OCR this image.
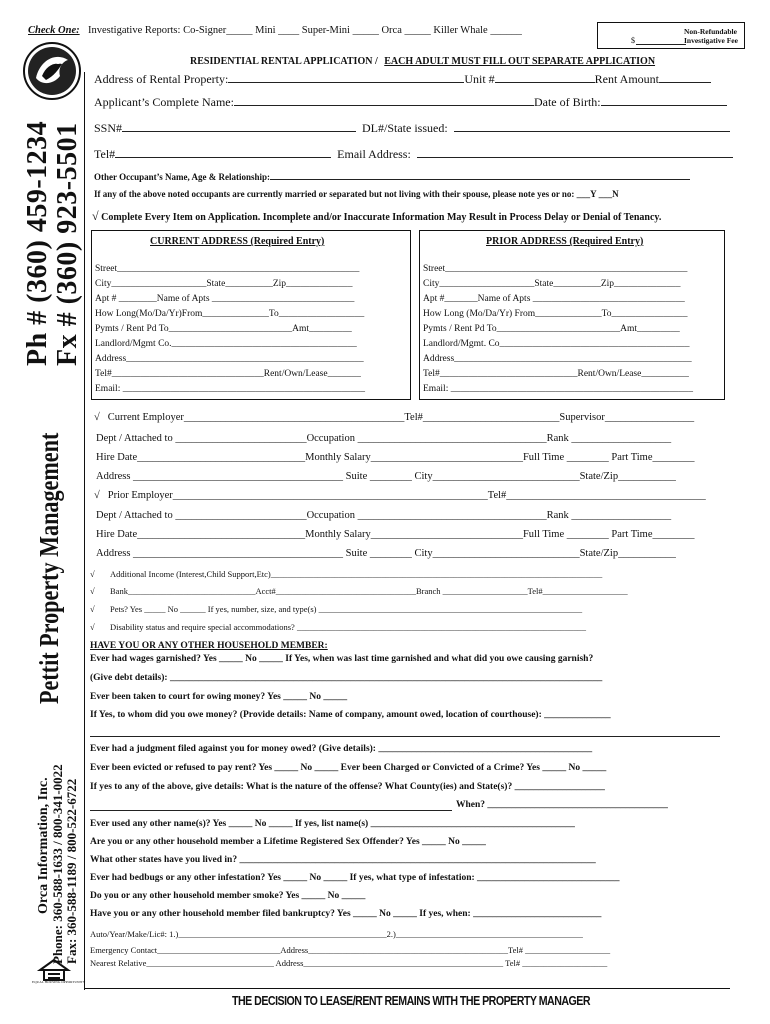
Check One: Investigative Reports: Co-Signer_____ Mini ____ Super-Mini _____ Orca _____ Killer Whale ______
$
Non-Refundable
Investigative Fee
Ph # (360) 459-1234 Fx # (360) 923-5501
Pettit Property Management
Orca Information, Inc. Phone: 360-588-1633 / 800-341-0022 Fax: 360-588-1189 / 800-522-6722
EQUAL HOUSING OPPORTUNITY
RESIDENTIAL RENTAL APPLICATION / EACH ADULT MUST FILL OUT SEPARATE APPLICATION
Address of Rental Property:	Unit #	Rent Amount
Applicant’s Complete Name:	Date of Birth:
SSN#	DL#/State issued:
Tel#	Email Address:
Other Occupant’s Name, Age & Relationship:
If any of the above noted occupants are currently married or separated but not living with their spouse, please note yes or no: ___Y ___N
√ Complete Every Item on Application. Incomplete and/or Inaccurate Information May Result in Process Delay or Denial of Tenancy.
CURRENT ADDRESS (Required Entry)
Street___________________________________________________
City____________________State__________Zip______________
Apt # ________Name of Apts ______________________________
How Long(Mo/Da/Yr)From______________To__________________
Pymts / Rent Pd To__________________________Amt_________
Landlord/Mgmt Co._______________________________________
Address__________________________________________________
Tel#________________________________Rent/Own/Lease_______
Email: ___________________________________________________
PRIOR ADDRESS (Required Entry)
Street___________________________________________________
City____________________State__________Zip______________
Apt #_______Name of Apts ________________________________
How Long (Mo/Da/Yr) From______________To________________
Pymts / Rent Pd To__________________________Amt_________
Landlord/Mgmt. Co________________________________________
Address__________________________________________________
Tel#_____________________________Rent/Own/Lease__________
Email: ___________________________________________________
√ Current Employer__________________________________________Tel#__________________________Supervisor_________________
Dept / Attached to _________________________Occupation ____________________________________Rank ___________________
Hire Date________________________________Monthly Salary_____________________________Full Time ________ Part Time________
Address ________________________________________ Suite ________ City____________________________State/Zip___________
√ Prior Employer____________________________________________________________Tel#______________________________________
Dept / Attached to _________________________Occupation ____________________________________Rank ___________________
Hire Date________________________________Monthly Salary_____________________________Full Time ________ Part Time________
Address ________________________________________ Suite ________ City____________________________State/Zip___________
√ Additional Income (Interest,Child Support,Etc)______________________________________________________________________________
√ Bank______________________________Acct#_________________________________Branch ____________________Tel#____________________
√ Pets? Yes _____ No ______ If yes, number, size, and type(s) ______________________________________________________________
√ Disability status and require special accommodations? ____________________________________________________________________
HAVE YOU OR ANY OTHER HOUSEHOLD MEMBER:
Ever had wages garnished? Yes _____ No _____ If Yes, when was last time garnished and what did you owe causing garnish?
(Give debt details): ___________________________________________________________________________________________
Ever been taken to court for owing money? Yes _____ No _____
If Yes, to whom did you owe money? (Provide details: Name of company, amount owed, location of courthouse): ______________
Ever had a judgment filed against you for money owed? (Give details): _____________________________________________
Ever been evicted or refused to pay rent? Yes _____ No _____ Ever been Charged or Convicted of a Crime? Yes _____ No _____
If yes to any of the above, give details: What is the nature of the offense? What County(ies) and State(s)? ___________________
When? ______________________________________
Ever used any other name(s)? Yes _____ No _____ If yes, list name(s) ___________________________________________
Are you or any other household member a Lifetime Registered Sex Offender? Yes _____ No _____
What other states have you lived in? ___________________________________________________________________________
Ever had bedbugs or any other infestation? Yes _____ No _____ If yes, what type of infestation: ______________________________
Do you or any other household member smoke? Yes _____ No _____
Have you or any other household member filed bankruptcy? Yes _____ No _____ If yes, when: ___________________________
Auto/Year/Make/Lic#: 1.)_________________________________________________2.)____________________________________________
Emergency Contact_____________________________Address_______________________________________________Tel# ____________________
Nearest Relative______________________________ Address_______________________________________________ Tel# ____________________
THE DECISION TO LEASE/RENT REMAINS WITH THE PROPERTY MANAGER
